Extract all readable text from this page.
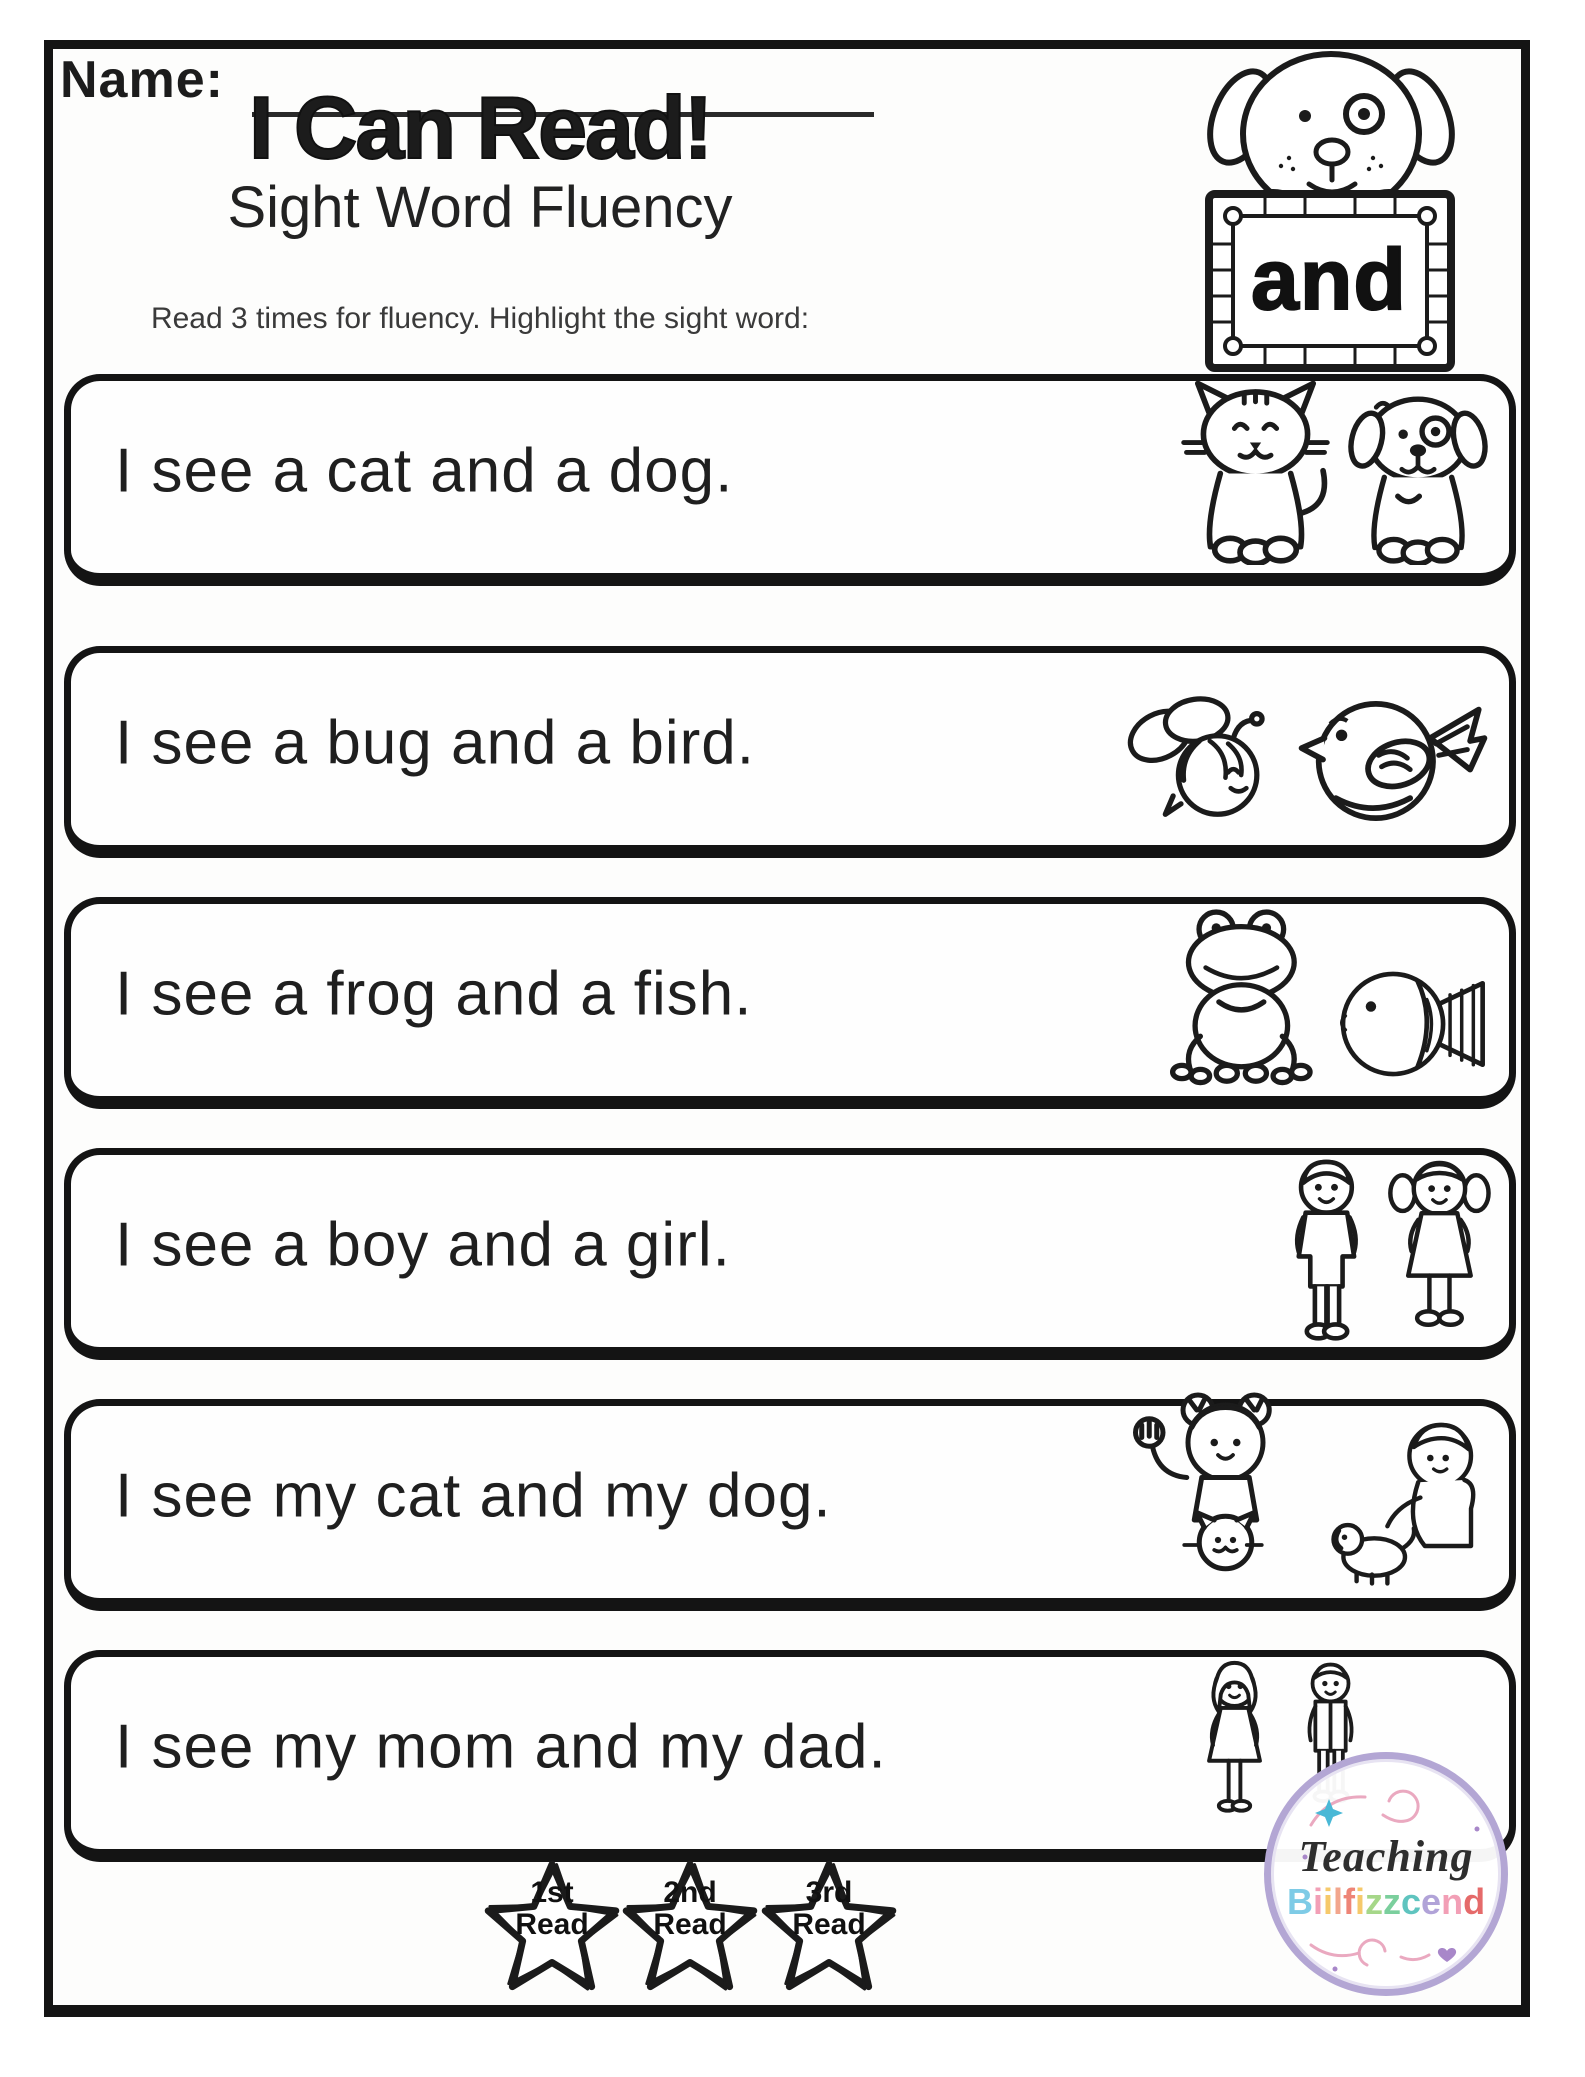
Name: I Can Read!
Sight Word Fluency
Read 3 times for fluency. Highlight the sight word:	and
I see a cat and a dog.
I see a bug and a bird.
I see a frog and a fish.
I see a boy and a girl.
I see my cat and my dog.
I see my mom and my dad.
1st
Read
2nd
Read
3rd
Read
Teaching
Biilfizzcend
